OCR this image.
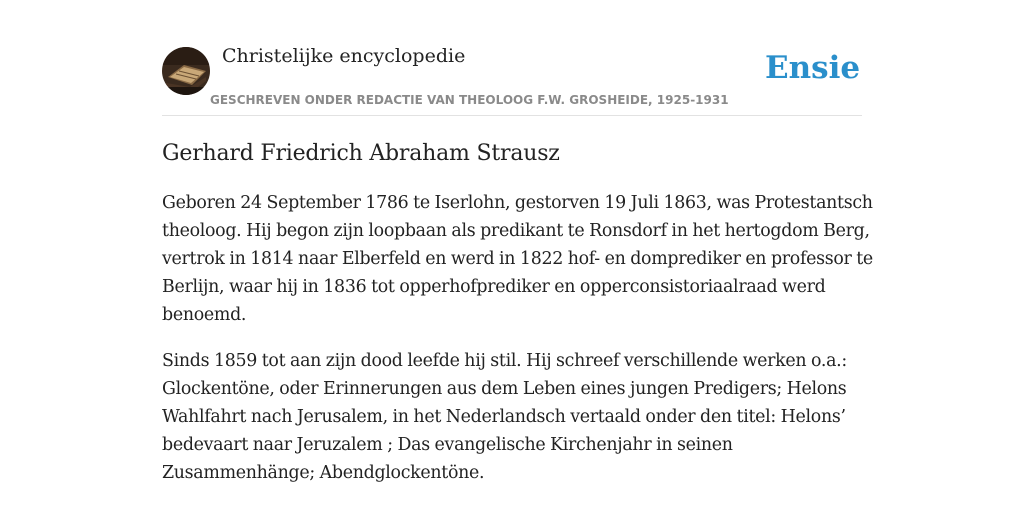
Christelijke encyclopedie
GESCHREVEN ONDER REDACTIE VAN THEOLOOG F.W. GROSHEIDE, 1925-1931
Ensie
Gerhard Friedrich Abraham Strausz

Geboren 24 September 1786 te Iserlohn, gestorven 19 Juli 1863, was Protestantsch theoloog. Hij begon zijn loopbaan als predikant te Ronsdorf in het hertogdom Berg, vertrok in 1814 naar Elberfeld en werd in 1822 hof- en domprediker en professor te Berlijn, waar hij in 1836 tot opperhofprediker en opperconsistoriaalraad werd benoemd.

Sinds 1859 tot aan zijn dood leefde hij stil. Hij schreef verschillende werken o.a.: Glockentöne, oder Erinnerungen aus dem Leben eines jungen Predigers; Helons Wahlfahrt nach Jerusalem, in het Nederlandsch vertaald onder den titel: Helons’ bedevaart naar Jeruzalem ; Das evangelische Kirchenjahr in seinen Zusammenhänge; Abendglockentöne.
